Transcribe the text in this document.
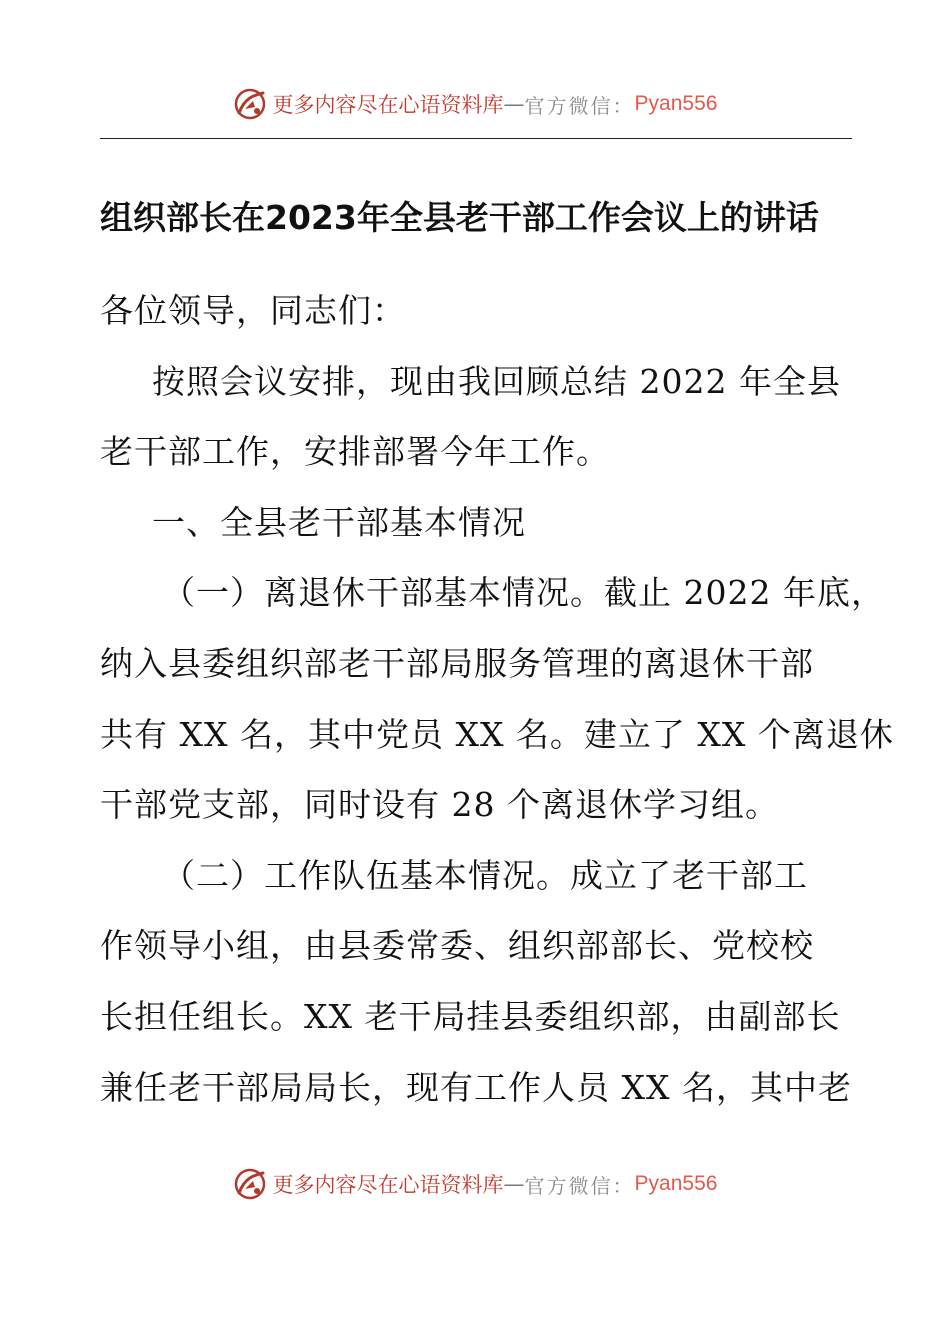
更多内容尽在心语资料库 — 官方微信： Pyan556
组织部长在2023年全县老干部工作会议上的讲话
各位领导，同志们：
按照会议安排，现由我回顾总结 2022 年全县
老干部工作，安排部署今年工作。
一、全县老干部基本情况
（一）离退休干部基本情况。截止 2022 年底，
纳入县委组织部老干部局服务管理的离退休干部
共有 XX 名，其中党员 XX 名。建立了 XX 个离退休
干部党支部，同时设有 28 个离退休学习组。
（二）工作队伍基本情况。成立了老干部工
作领导小组，由县委常委、组织部部长、党校校
长担任组长。XX 老干局挂县委组织部，由副部长
兼任老干部局局长，现有工作人员 XX 名，其中老
更多内容尽在心语资料库 — 官方微信： Pyan556
